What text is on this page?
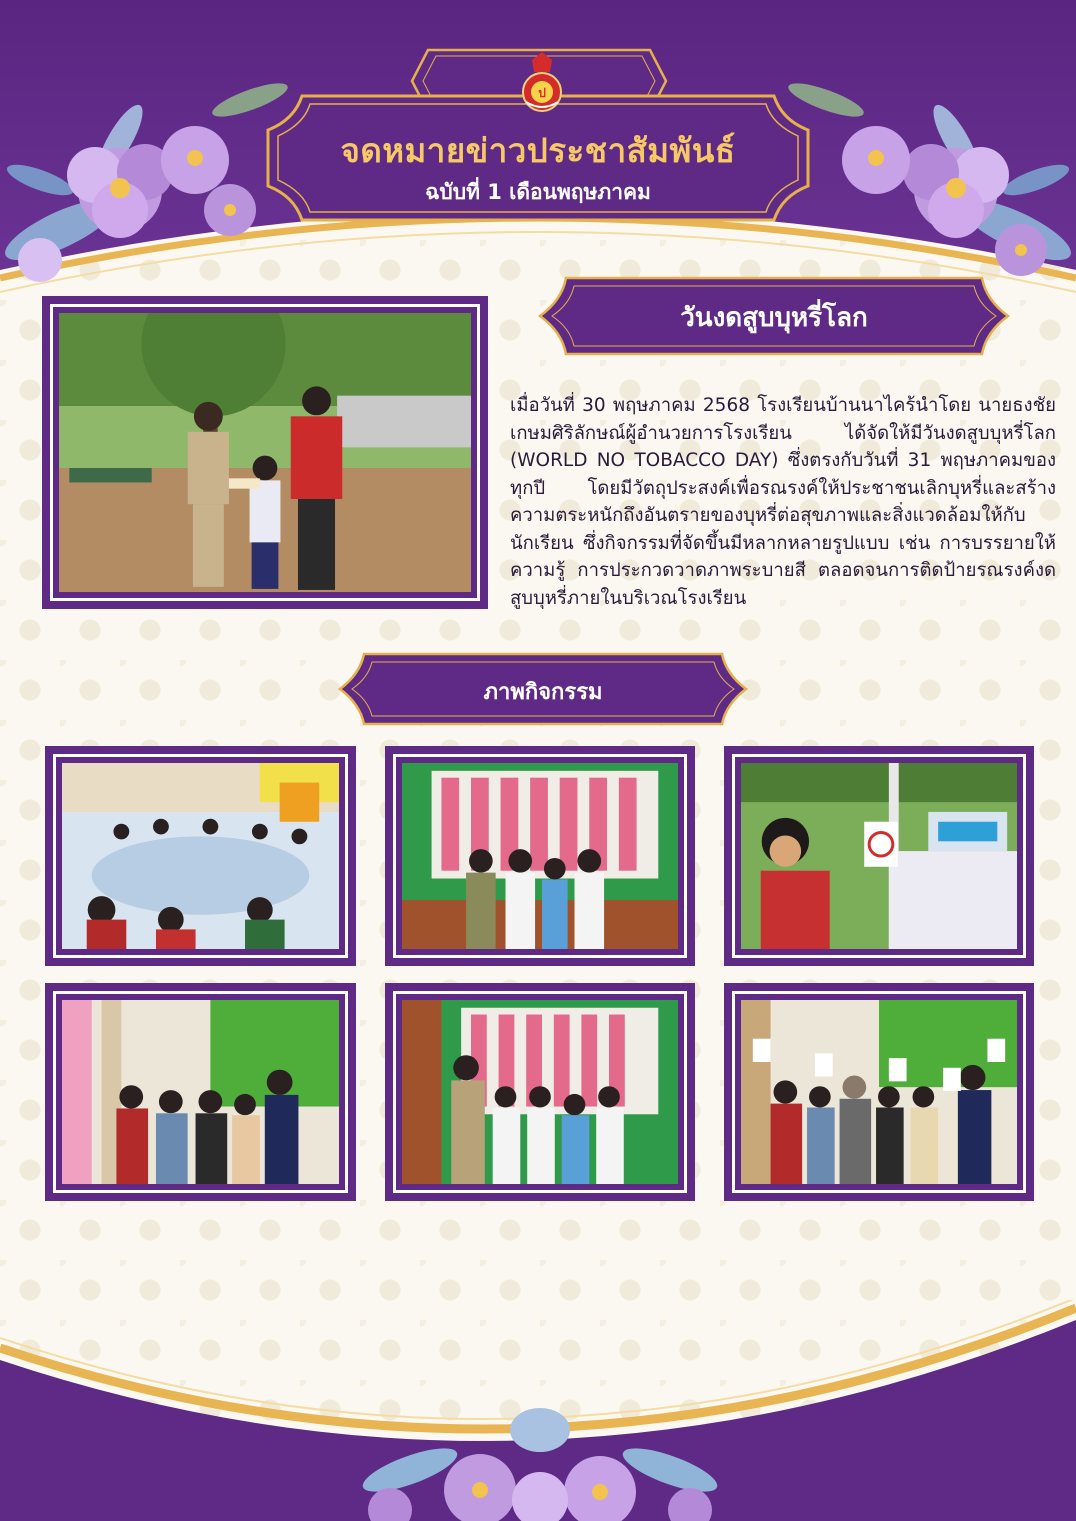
ป
จดหมายข่าวประชาสัมพันธ์
ฉบับที่ 1 เดือนพฤษภาคม
วันงดสูบบุหรี่โลก
เมื่อวันที่ 30 พฤษภาคม 2568 โรงเรียนบ้านนาไคร้นำโดย นายธงชัย เกษมศิริลักษณ์ผู้อำนวยการโรงเรียน ได้จัดให้มีวันงดสูบบุหรี่โลก (WORLD NO TOBACCO DAY) ซึ่งตรงกับวันที่ 31 พฤษภาคมของทุกปี โดยมีวัตถุประสงค์เพื่อรณรงค์ให้ประชาชนเลิกบุหรี่และสร้างความตระหนักถึงอันตรายของบุหรี่ต่อสุขภาพและสิ่งแวดล้อมให้กับนักเรียน ซึ่งกิจกรรมที่จัดขึ้นมีหลากหลายรูปแบบ เช่น การบรรยายให้ความรู้ การประกวดวาดภาพระบายสี ตลอดจนการติดป้ายรณรงค์งดสูบบุหรี่ภายในบริเวณโรงเรียน
ภาพกิจกรรม
